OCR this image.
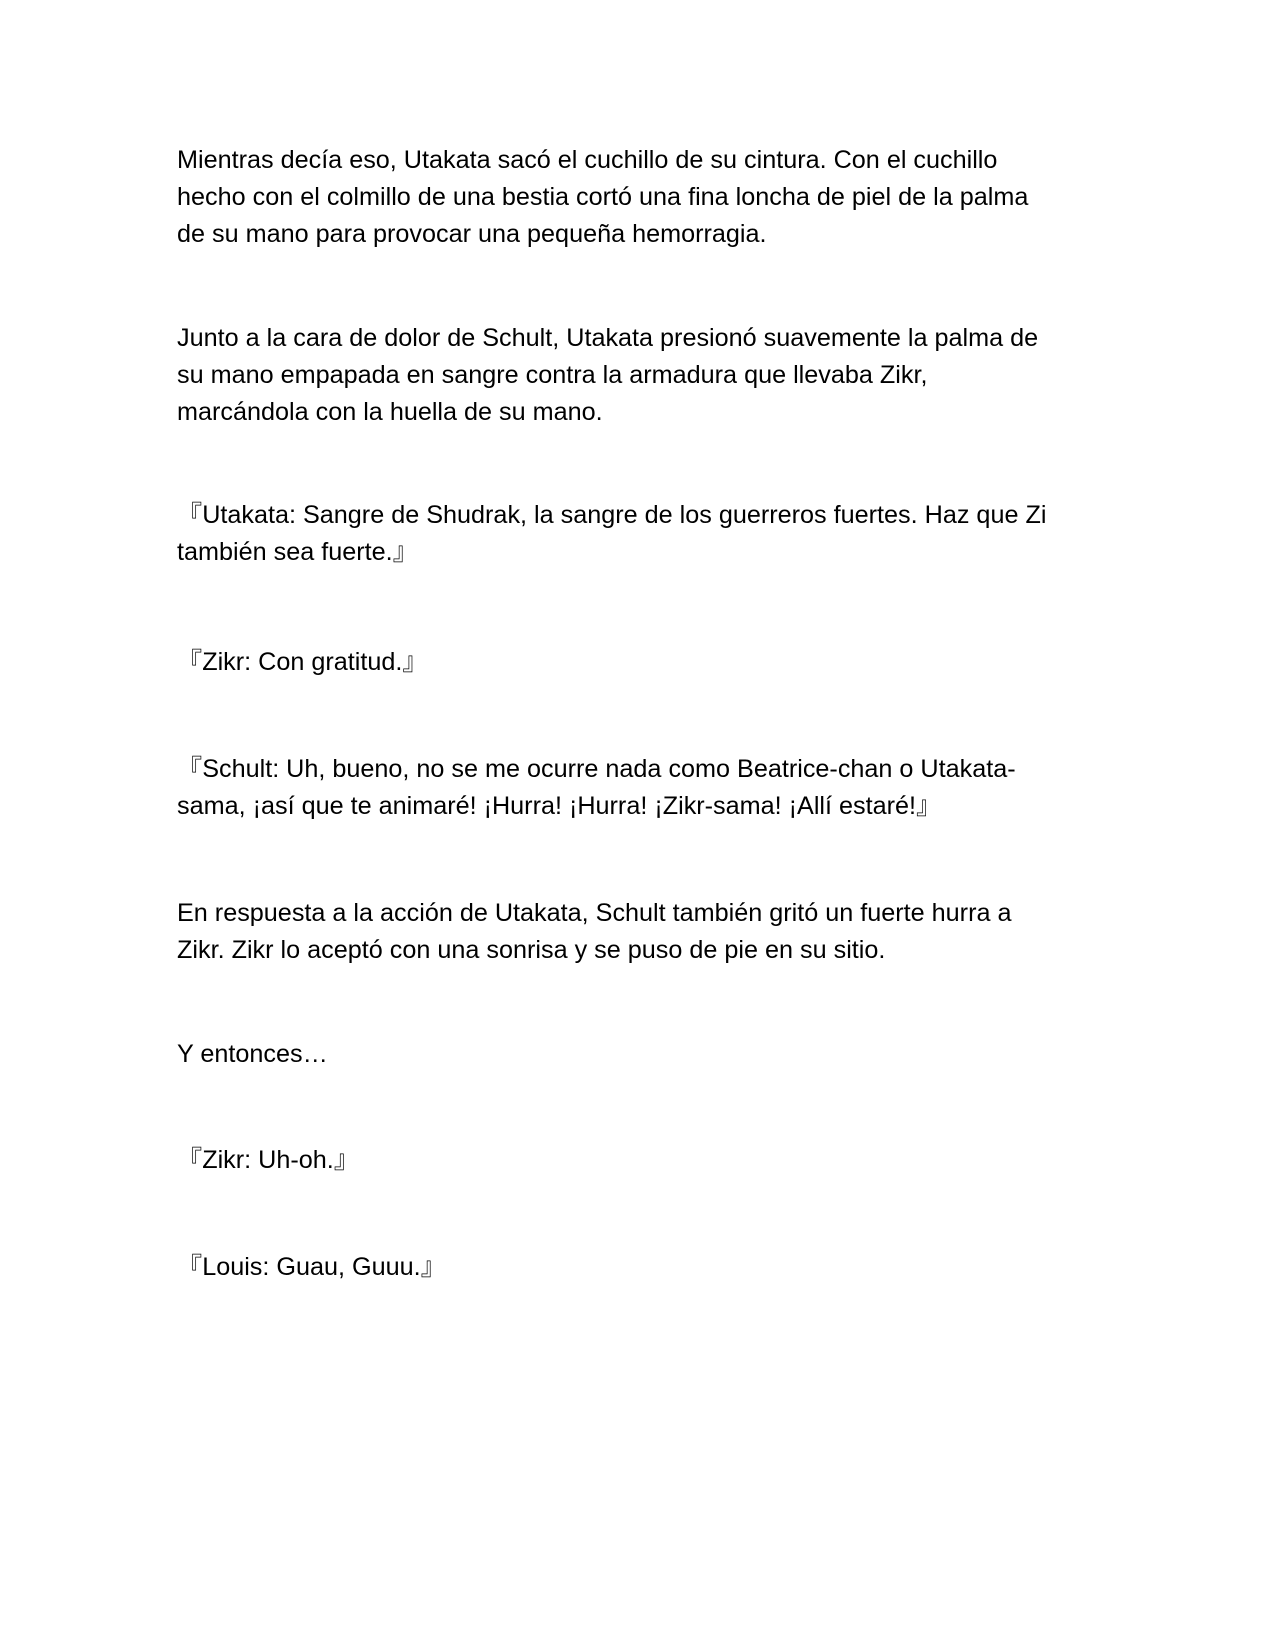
Mientras decía eso, Utakata sacó el cuchillo de su cintura. Con el cuchillo
hecho con el colmillo de una bestia cortó una fina loncha de piel de la palma
de su mano para provocar una pequeña hemorragia.

Junto a la cara de dolor de Schult, Utakata presionó suavemente la palma de
su mano empapada en sangre contra la armadura que llevaba Zikr,
marcándola con la huella de su mano.

『Utakata: Sangre de Shudrak, la sangre de los guerreros fuertes. Haz que Zi
también sea fuerte.』

『Zikr: Con gratitud.』

『Schult: Uh, bueno, no se me ocurre nada como Beatrice-chan o Utakata-
sama, ¡así que te animaré! ¡Hurra! ¡Hurra! ¡Zikr-sama! ¡Allí estaré!』

En respuesta a la acción de Utakata, Schult también gritó un fuerte hurra a
Zikr. Zikr lo aceptó con una sonrisa y se puso de pie en su sitio.

Y entonces…

『Zikr: Uh-oh.』

『Louis: Guau, Guuu.』
